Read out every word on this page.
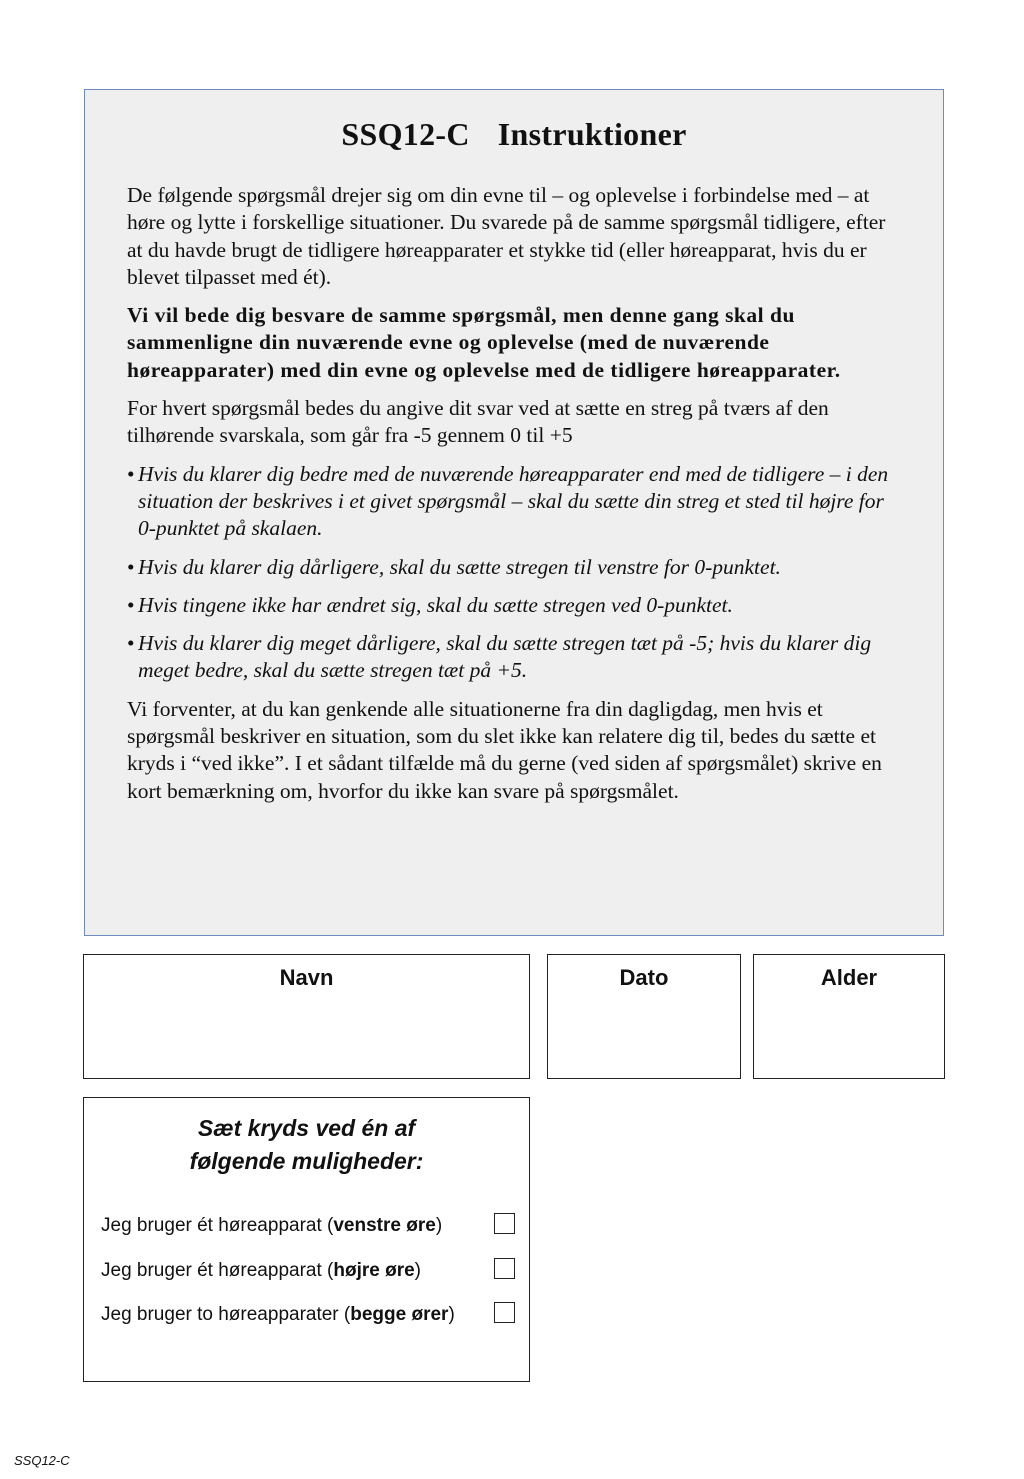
SSQ12-C Instruktioner

De følgende spørgsmål drejer sig om din evne til – og oplevelse i forbindelse med – at høre og lytte i forskellige situationer. Du svarede på de samme spørgsmål tidligere, efter at du havde brugt de tidligere høreapparater et stykke tid (eller høreapparat, hvis du er blevet tilpasset med ét).

Vi vil bede dig besvare de samme spørgsmål, men denne gang skal du sammenligne din nuværende evne og oplevelse (med de nuværende høreapparater) med din evne og oplevelse med de tidligere høreapparater.

For hvert spørgsmål bedes du angive dit svar ved at sætte en streg på tværs af den tilhørende svarskala, som går fra -5 gennem 0 til +5

• Hvis du klarer dig bedre med de nuværende høreapparater end med de tidligere – i den situation der beskrives i et givet spørgsmål – skal du sætte din streg et sted til højre for 0-punktet på skalaen.
• Hvis du klarer dig dårligere, skal du sætte stregen til venstre for 0-punktet.
• Hvis tingene ikke har ændret sig, skal du sætte stregen ved 0-punktet.
• Hvis du klarer dig meget dårligere, skal du sætte stregen tæt på -5; hvis du klarer dig meget bedre, skal du sætte stregen tæt på +5.

Vi forventer, at du kan genkende alle situationerne fra din dagligdag, men hvis et spørgsmål beskriver en situation, som du slet ikke kan relatere dig til, bedes du sætte et kryds i “ved ikke”. I et sådant tilfælde må du gerne (ved siden af spørgsmålet) skrive en kort bemærkning om, hvorfor du ikke kan svare på spørgsmålet.

Navn	Dato	Alder
Sæt kryds ved én af
følgende muligheder:
Jeg bruger ét høreapparat (venstre øre)
Jeg bruger ét høreapparat (højre øre)
Jeg bruger to høreapparater (begge ører)
SSQ12-C
